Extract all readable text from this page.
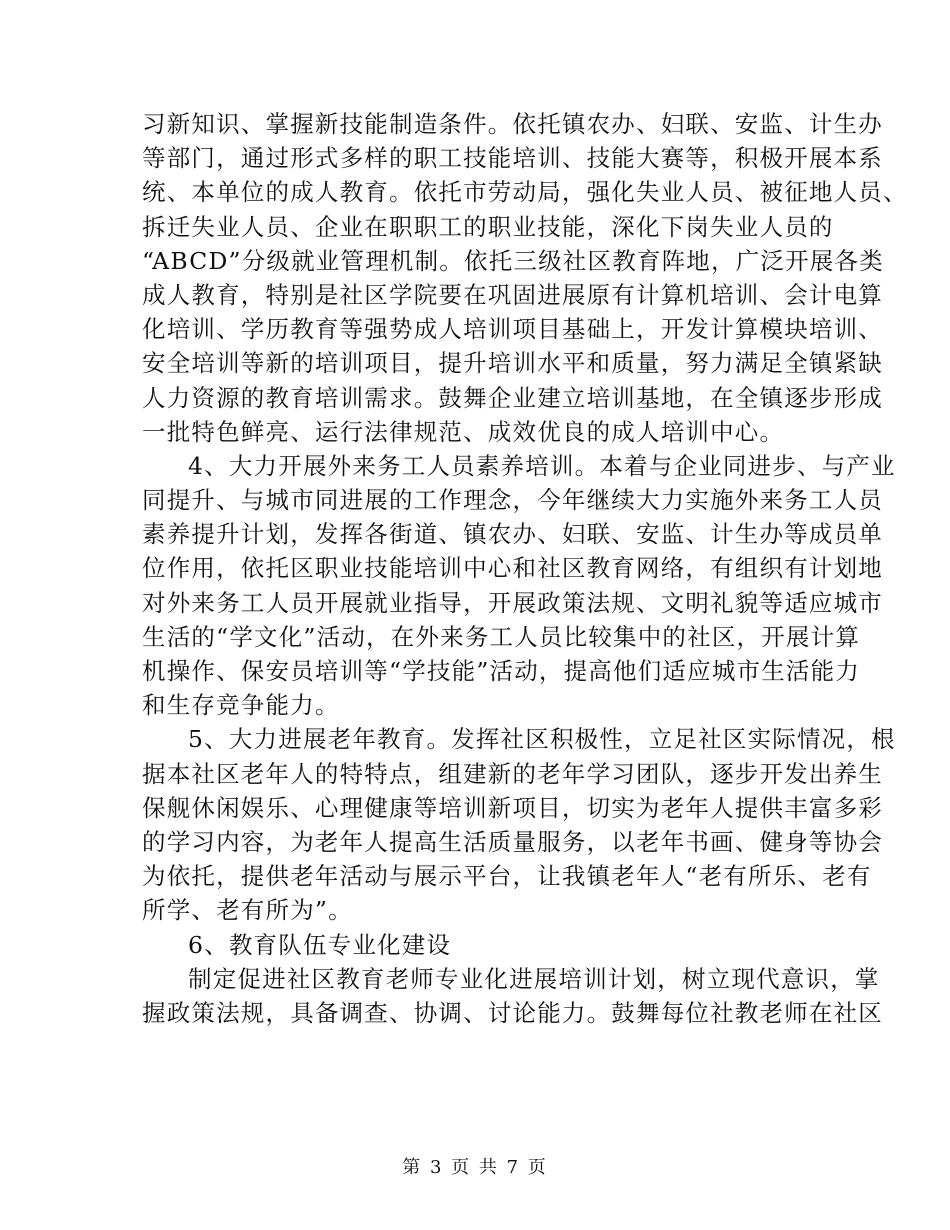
习新知识、掌握新技能制造条件。依托镇农办、妇联、安监、计生办
等部门，通过形式多样的职工技能培训、技能大赛等，积极开展本系
统、本单位的成人教育。依托市劳动局，强化失业人员、被征地人员、
拆迁失业人员、企业在职职工的职业技能，深化下岗失业人员的
“ABCD”分级就业管理机制。依托三级社区教育阵地，广泛开展各类
成人教育，特别是社区学院要在巩固进展原有计算机培训、会计电算
化培训、学历教育等强势成人培训项目基础上，开发计算模块培训、
安全培训等新的培训项目，提升培训水平和质量，努力满足全镇紧缺
人力资源的教育培训需求。鼓舞企业建立培训基地，在全镇逐步形成
一批特色鲜亮、运行法律规范、成效优良的成人培训中心。
4、大力开展外来务工人员素养培训。本着与企业同进步、与产业
同提升、与城市同进展的工作理念，今年继续大力实施外来务工人员
素养提升计划，发挥各街道、镇农办、妇联、安监、计生办等成员单
位作用，依托区职业技能培训中心和社区教育网络，有组织有计划地
对外来务工人员开展就业指导，开展政策法规、文明礼貌等适应城市
生活的“学文化”活动，在外来务工人员比较集中的社区，开展计算
机操作、保安员培训等“学技能”活动，提高他们适应城市生活能力
和生存竞争能力。
5、大力进展老年教育。发挥社区积极性，立足社区实际情况，根
据本社区老年人的特特点，组建新的老年学习团队，逐步开发出养生
保舰休闲娱乐、心理健康等培训新项目，切实为老年人提供丰富多彩
的学习内容，为老年人提高生活质量服务，以老年书画、健身等协会
为依托，提供老年活动与展示平台，让我镇老年人“老有所乐、老有
所学、老有所为”。
6、教育队伍专业化建设
制定促进社区教育老师专业化进展培训计划，树立现代意识，掌
握政策法规，具备调查、协调、讨论能力。鼓舞每位社教老师在社区
第 3 页 共 7 页
